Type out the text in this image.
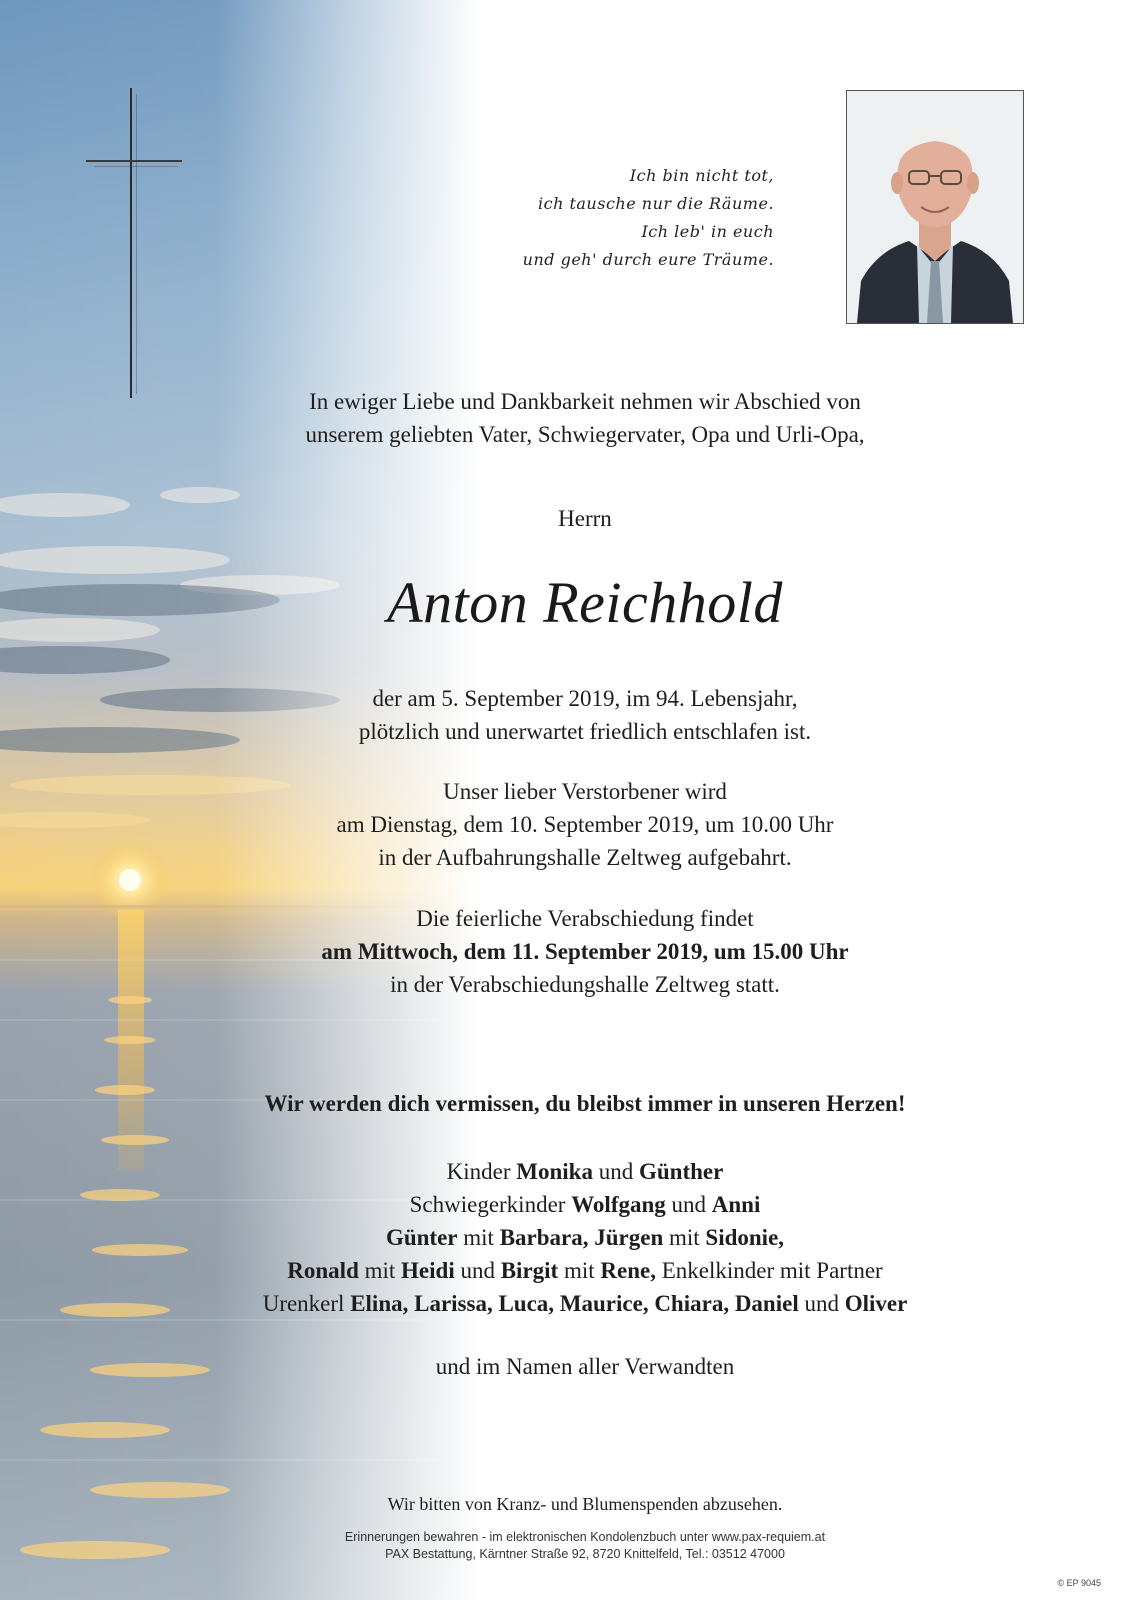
Ich bin nicht tot,
ich tausche nur die Räume.
Ich leb' in euch
und geh' durch eure Träume.

In ewiger Liebe und Dankbarkeit nehmen wir Abschied von

unserem geliebten Vater, Schwiegervater, Opa und Urli-Opa,

Herrn

Anton Reichhold

der am 5. September 2019, im 94. Lebensjahr,

plötzlich und unerwartet friedlich entschlafen ist.

Unser lieber Verstorbener wird

am Dienstag, dem 10. September 2019, um 10.00 Uhr

in der Aufbahrungshalle Zeltweg aufgebahrt.

Die feierliche Verabschiedung findet

am Mittwoch, dem 11. September 2019, um 15.00 Uhr

in der Verabschiedungshalle Zeltweg statt.

Wir werden dich vermissen, du bleibst immer in unseren Herzen!

Kinder Monika und Günther

Schwiegerkinder Wolfgang und Anni

Günter mit Barbara, Jürgen mit Sidonie,

Ronald mit Heidi und Birgit mit Rene, Enkelkinder mit Partner

Urenkerl Elina, Larissa, Luca, Maurice, Chiara, Daniel und Oliver

und im Namen aller Verwandten

Wir bitten von Kranz- und Blumenspenden abzusehen.
Erinnerungen bewahren - im elektronischen Kondolenzbuch unter www.pax-requiem.at
PAX Bestattung, Kärntner Straße 92, 8720 Knittelfeld, Tel.: 03512 47000
© EP 9045
